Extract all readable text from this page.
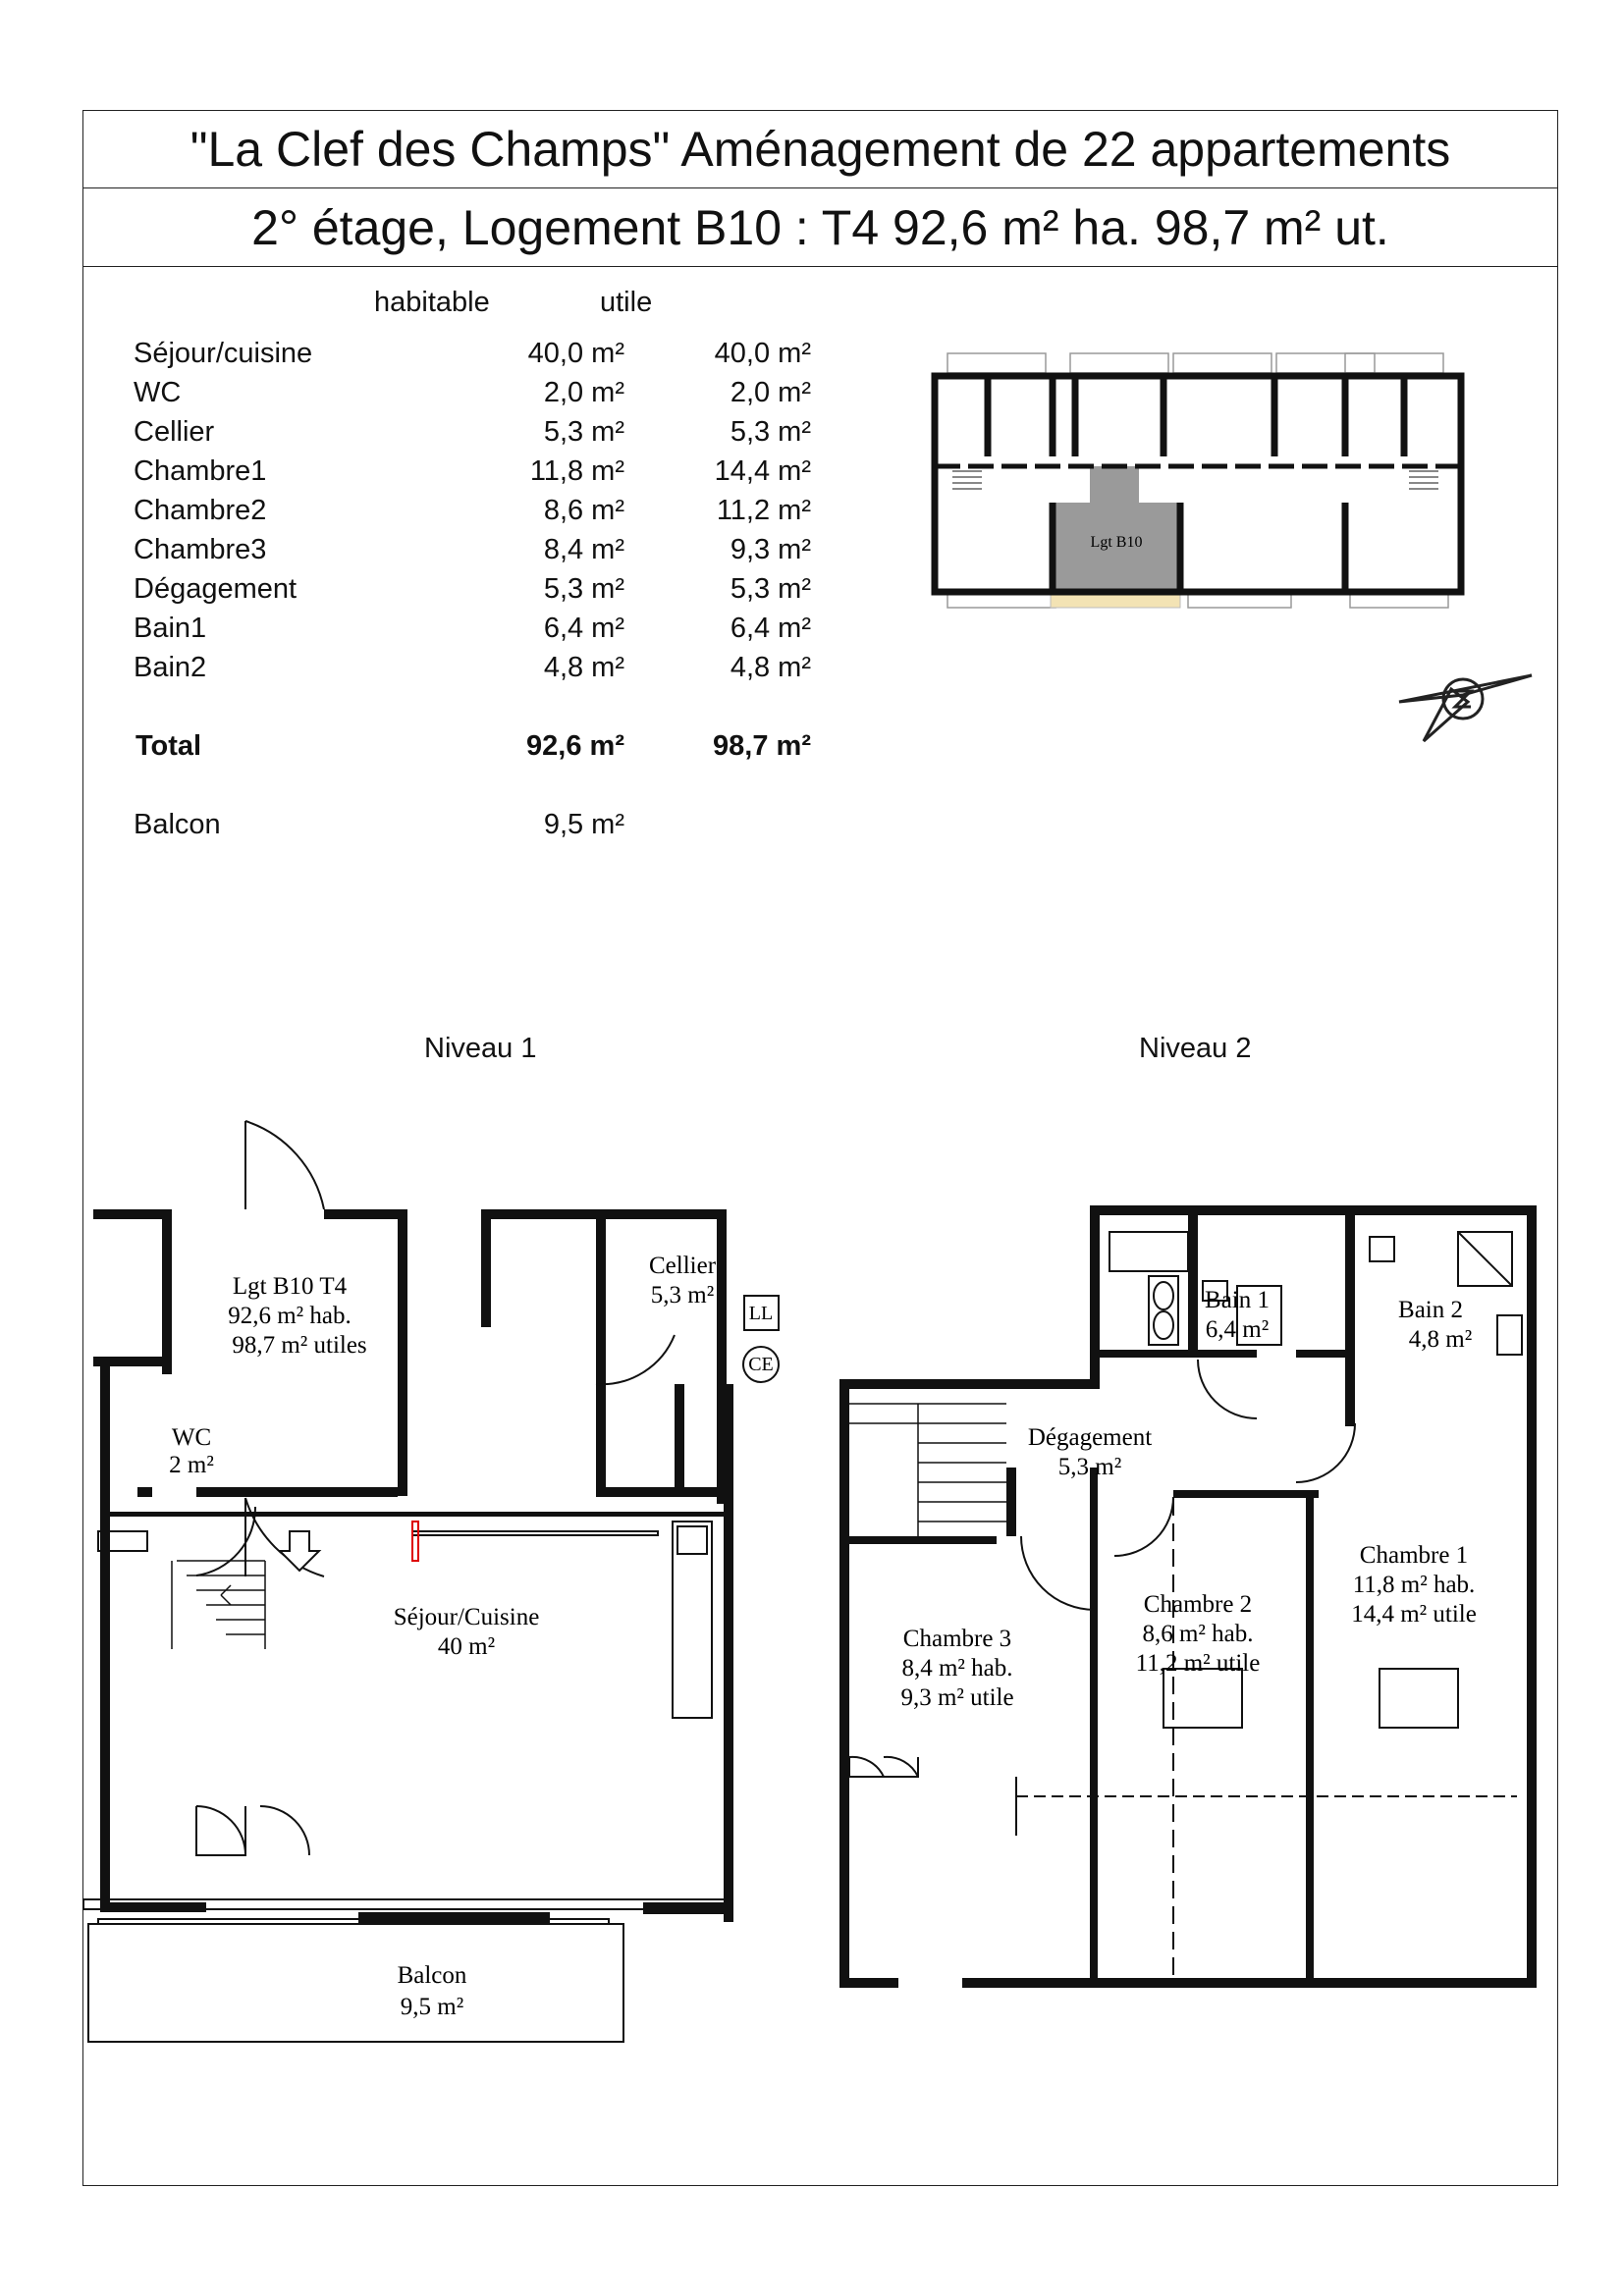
"La Clef des Champs" Aménagement de 22 appartements
2° étage, Logement B10 : T4 92,6 m² ha. 98,7 m² ut.
habitable	utile
Séjour/cuisine	40,0 m²	40,0 m²
WC	2,0 m²	2,0 m²
Cellier	5,3 m²	5,3 m²
Chambre1	11,8 m²	14,4 m²
Chambre2	8,6 m²	11,2 m²
Chambre3	8,4 m²	9,3 m²
Dégagement	5,3 m²	5,3 m²
Bain1	6,4 m²	6,4 m²
Bain2	4,8 m²	4,8 m²
Total	92,6 m²	98,7 m²
Balcon	9,5 m²
Lgt B10
Niveau 1	Niveau 2
Lgt B10 T4
92,6 m² hab.
98,7 m² utiles
Cellier
5,3 m²
LL
CE
WC
2 m²
Séjour/Cuisine
40 m²
Balcon
9,5 m²
Bain 1
6,4 m²
Bain 2
4,8 m²
Dégagement
5,3 m²
Chambre 1
11,8 m² hab.
14,4 m² utile
Chambre 2
8,6 m² hab.
11,2 m² utile
Chambre 3
8,4 m² hab.
9,3 m² utile
